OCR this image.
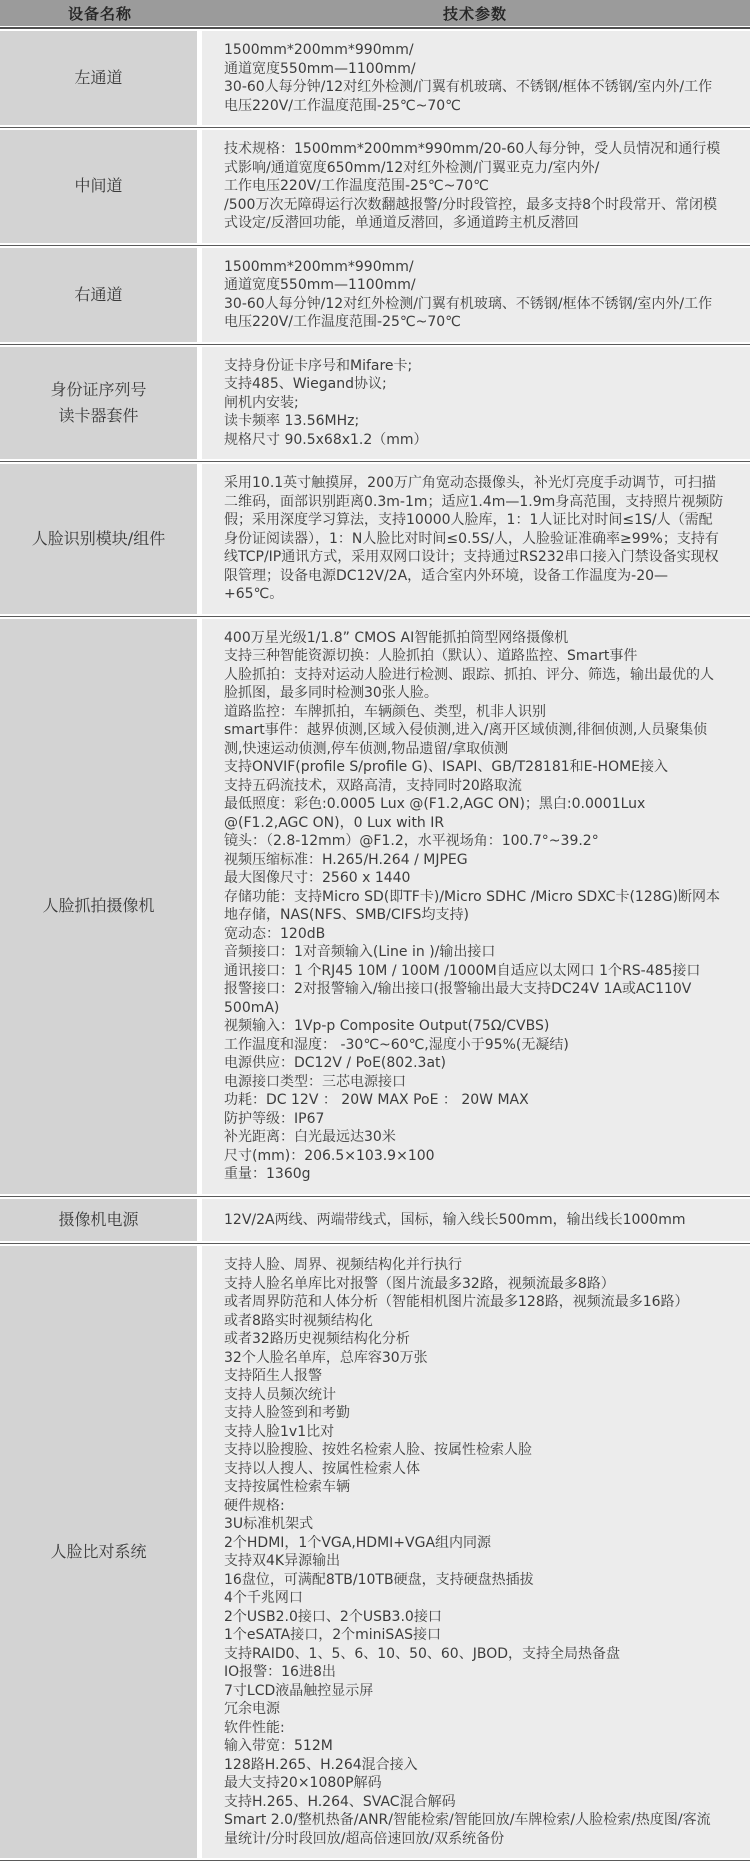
设备名称	技术参数
左通道
1500mm*200mm*990mm/
通道宽度550mm—1100mm/
30-60人每分钟/12对红外检测/门翼有机玻璃、不锈钢/框体不锈钢/室内外/工作电压220V/工作温度范围-25℃~70℃
中间道
技术规格：1500mm*200mm*990mm/20-60人每分钟，受人员情况和通行模式影响/通道宽度650mm/12对红外检测/门翼亚克力/室内外/
工作电压220V/工作温度范围-25℃~70℃
/500万次无障碍运行次数翻越报警/分时段管控，最多支持8个时段常开、常闭模式设定/反潜回功能，单通道反潜回，多通道跨主机反潜回
右通道
1500mm*200mm*990mm/
通道宽度550mm—1100mm/
30-60人每分钟/12对红外检测/门翼有机玻璃、不锈钢/框体不锈钢/室内外/工作电压220V/工作温度范围-25℃~70℃
身份证序列号
读卡器套件
支持身份证卡序号和Mifare卡;
支持485、Wiegand协议;
闸机内安装;
读卡频率 13.56MHz;
规格尺寸 90.5x68x1.2（mm）
人脸识别模块/组件
采用10.1英寸触摸屏，200万广角宽动态摄像头，补光灯亮度手动调节，可扫描二维码，面部识别距离0.3m-1m；适应1.4m—1.9m身高范围，支持照片视频防假；采用深度学习算法，支持10000人脸库，1：1人证比对时间≤1S/人（需配身份证阅读器），1：N人脸比对时间≤0.5S/人，人脸验证准确率≥99%；支持有线TCP/IP通讯方式，采用双网口设计；支持通过RS232串口接入门禁设备实现权限管理；设备电源DC12V/2A，适合室内外环境，设备工作温度为-20—+65℃。
人脸抓拍摄像机
400万星光级1/1.8” CMOS AI智能抓拍筒型网络摄像机
支持三种智能资源切换：人脸抓拍（默认）、道路监控、Smart事件
人脸抓拍：支持对运动人脸进行检测、跟踪、抓拍、评分、筛选，输出最优的人脸抓图，最多同时检测30张人脸。
道路监控：车牌抓拍，车辆颜色、类型，机非人识别
smart事件：越界侦测,区域入侵侦测,进入/离开区域侦测,徘徊侦测,人员聚集侦测,快速运动侦测,停车侦测,物品遗留/拿取侦测
支持ONVIF(profile S/profile G)、ISAPI、GB/T28181和E-HOME接入
支持五码流技术，双路高清，支持同时20路取流
最低照度：彩色:0.0005 Lux @(F1.2,AGC ON)；黑白:0.0001Lux @(F1.2,AGC ON)，0 Lux with IR
镜头：（2.8-12mm）@F1.2，水平视场角：100.7°~39.2°
视频压缩标准：H.265/H.264 / MJPEG
最大图像尺寸：2560 x 1440
存储功能：支持Micro SD(即TF卡)/Micro SDHC /Micro SDXC卡(128G)断网本地存储，NAS(NFS、SMB/CIFS均支持)
宽动态：120dB
音频接口：1对音频输入(Line in )/输出接口
通讯接口：1 个RJ45 10M / 100M /1000M自适应以太网口 1个RS-485接口
报警接口：2对报警输入/输出接口(报警输出最大支持DC24V 1A或AC110V 500mA)
视频输入：1Vp-p Composite Output(75Ω/CVBS)
工作温度和湿度： -30℃~60℃,湿度小于95%(无凝结)
电源供应：DC12V / PoE(802.3at)
电源接口类型：三芯电源接口
功耗：DC 12V ： 20W MAX PoE ： 20W MAX
防护等级：IP67
补光距离：白光最远达30米
尺寸(mm)：206.5×103.9×100
重量：1360g
摄像机电源	12V/2A两线、两端带线式，国标，输入线长500mm，输出线长1000mm
人脸比对系统
支持人脸、周界、视频结构化并行执行
支持人脸名单库比对报警（图片流最多32路，视频流最多8路）
或者周界防范和人体分析（智能相机图片流最多128路，视频流最多16路）
或者8路实时视频结构化
或者32路历史视频结构化分析
32个人脸名单库，总库容30万张
支持陌生人报警
支持人员频次统计
支持人脸签到和考勤
支持人脸1v1比对
支持以脸搜脸、按姓名检索人脸、按属性检索人脸
支持以人搜人、按属性检索人体
支持按属性检索车辆
硬件规格:
3U标准机架式
2个HDMI，1个VGA,HDMI+VGA组内同源
支持双4K异源输出
16盘位，可满配8TB/10TB硬盘，支持硬盘热插拔
4个千兆网口
2个USB2.0接口、2个USB3.0接口
1个eSATA接口，2个miniSAS接口
支持RAID0、1、5、6、10、50、60、JBOD，支持全局热备盘
IO报警：16进8出
7寸LCD液晶触控显示屏
冗余电源
软件性能:
输入带宽：512M
128路H.265、H.264混合接入
最大支持20×1080P解码
支持H.265、H.264、SVAC混合解码
Smart 2.0/整机热备/ANR/智能检索/智能回放/车牌检索/人脸检索/热度图/客流量统计/分时段回放/超高倍速回放/双系统备份
